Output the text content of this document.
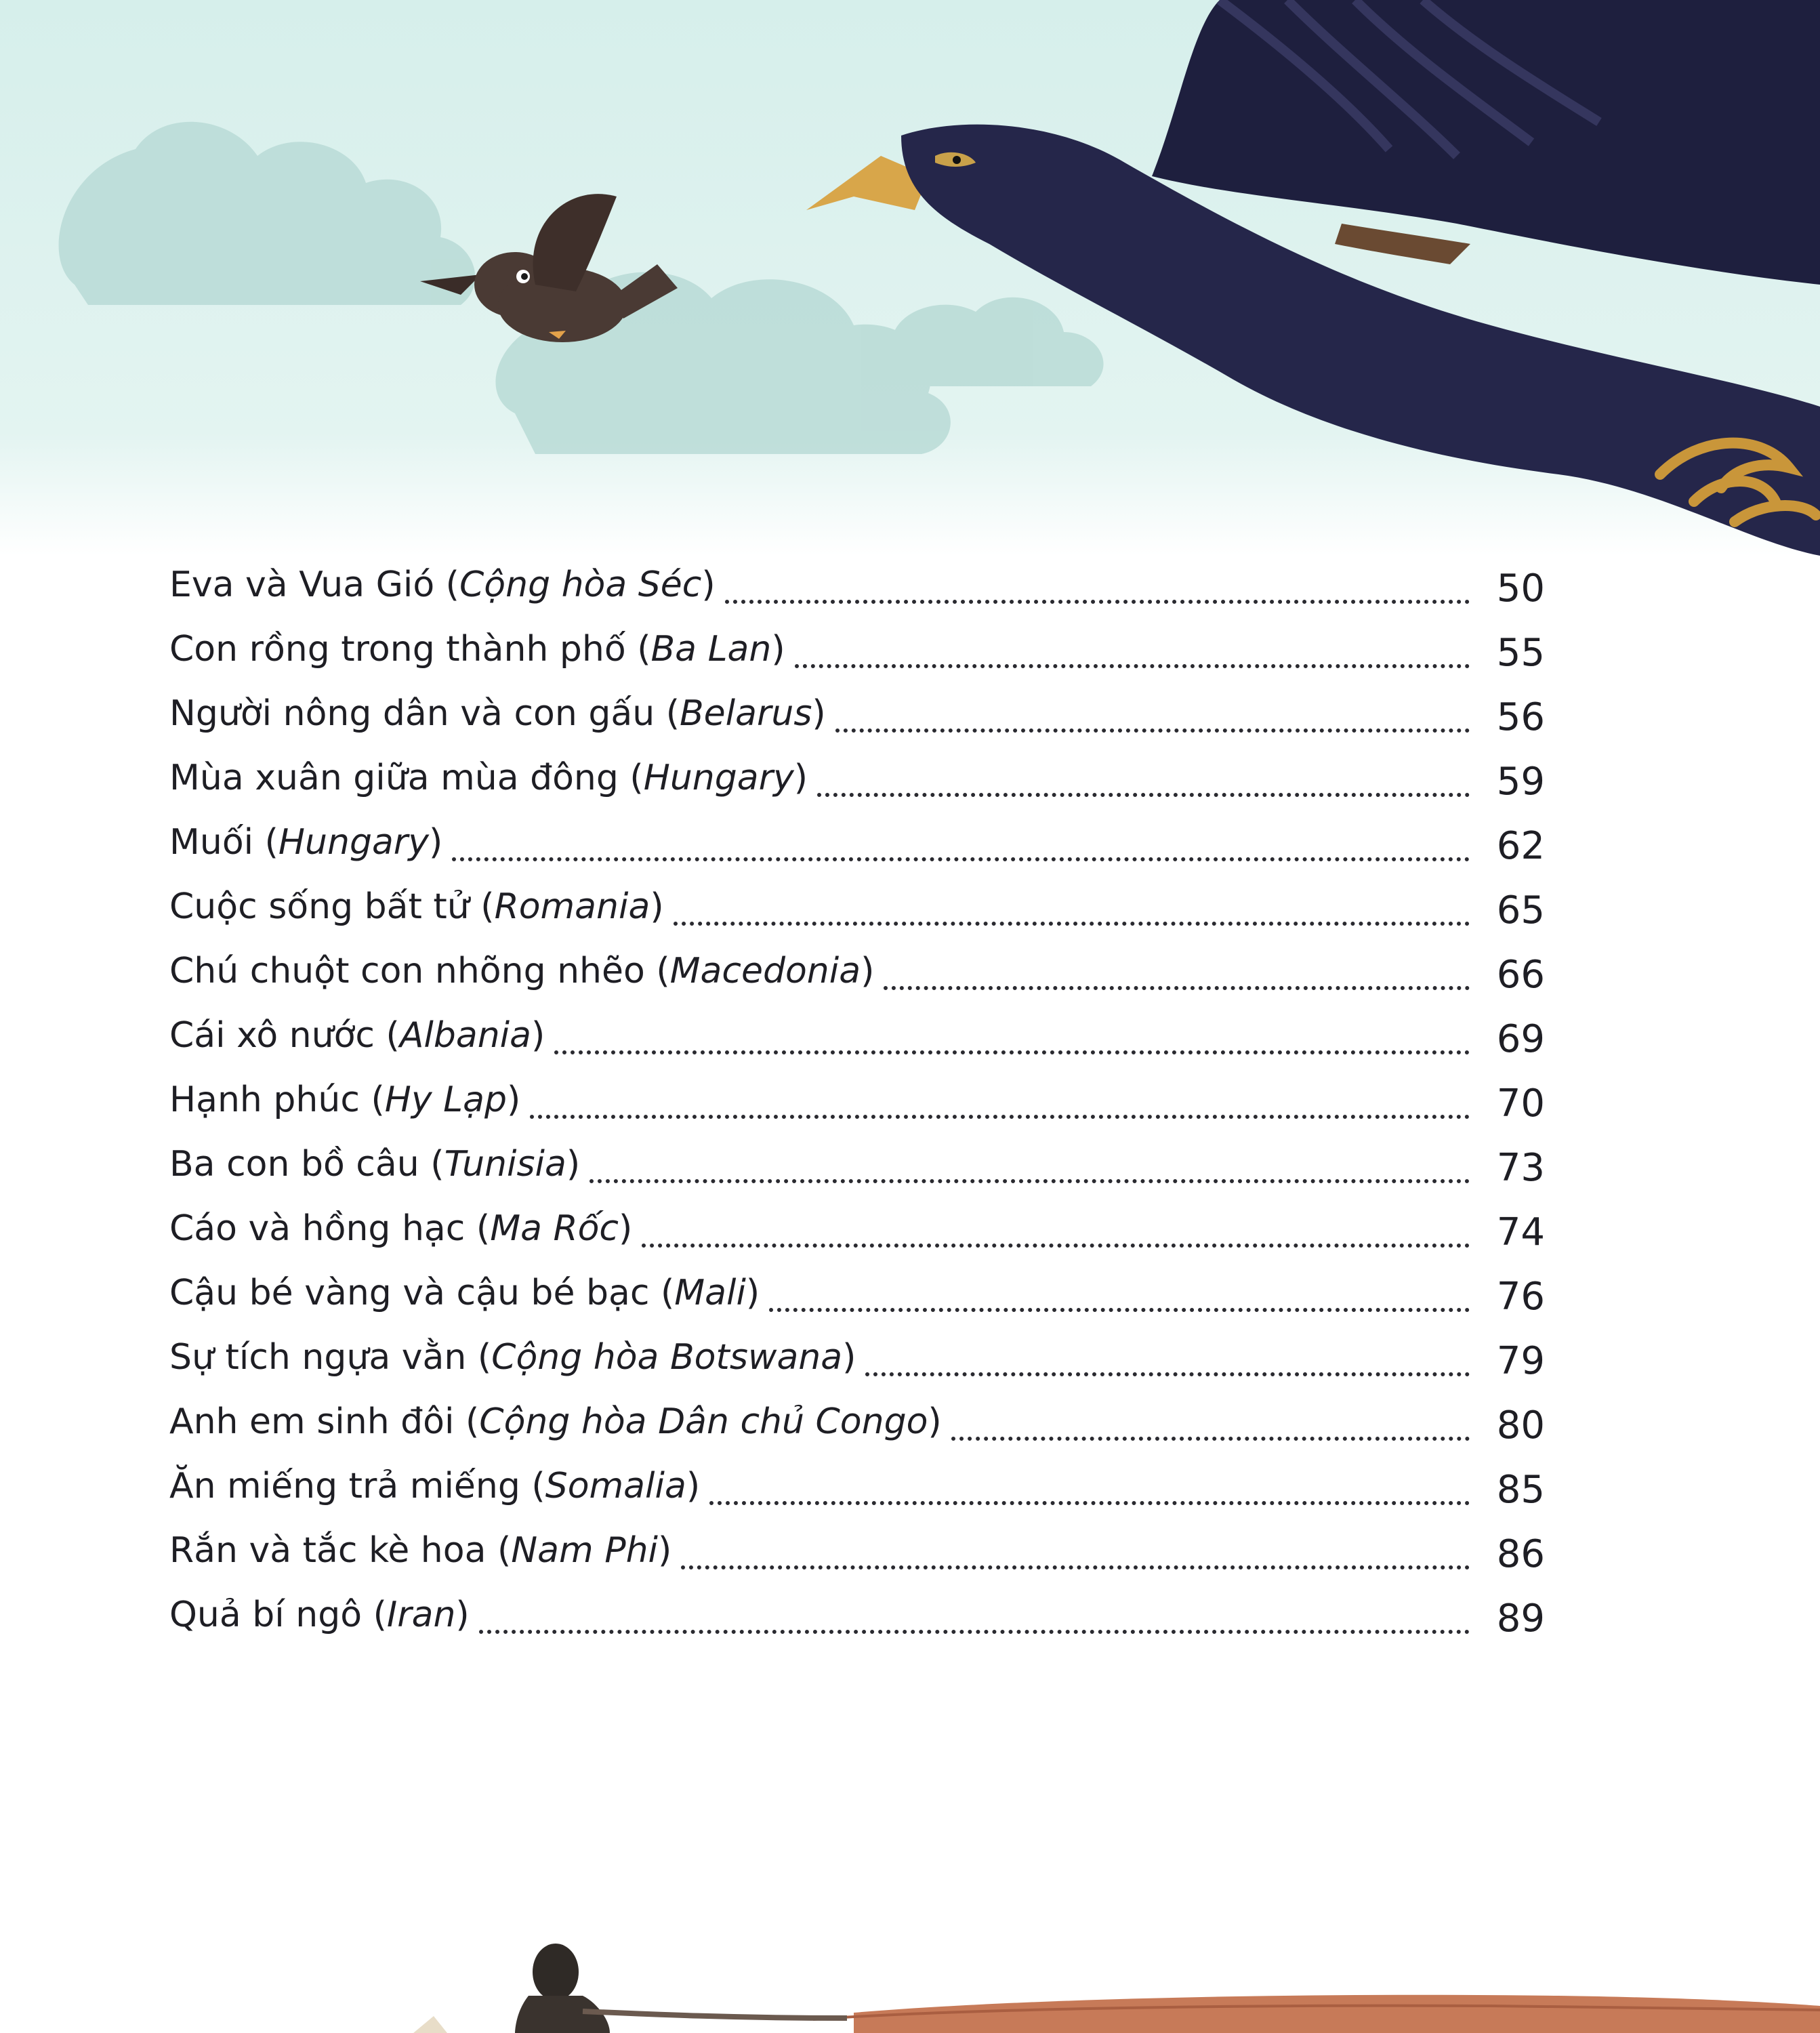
Eva và Vua Gió (Cộng hòa Séc)	50
Con rồng trong thành phố (Ba Lan)	55
Người nông dân và con gấu (Belarus)	56
Mùa xuân giữa mùa đông (Hungary)	59
Muối (Hungary)	62
Cuộc sống bất tử (Romania)	65
Chú chuột con nhõng nhẽo (Macedonia)	66
Cái xô nước (Albania)	69
Hạnh phúc (Hy Lạp)	70
Ba con bồ câu (Tunisia)	73
Cáo và hồng hạc (Ma Rốc)	74
Cậu bé vàng và cậu bé bạc (Mali)	76
Sự tích ngựa vằn (Cộng hòa Botswana)	79
Anh em sinh đôi (Cộng hòa Dân chủ Congo)	80
Ăn miếng trả miếng (Somalia)	85
Rắn và tắc kè hoa (Nam Phi)	86
Quả bí ngô (Iran)	89
